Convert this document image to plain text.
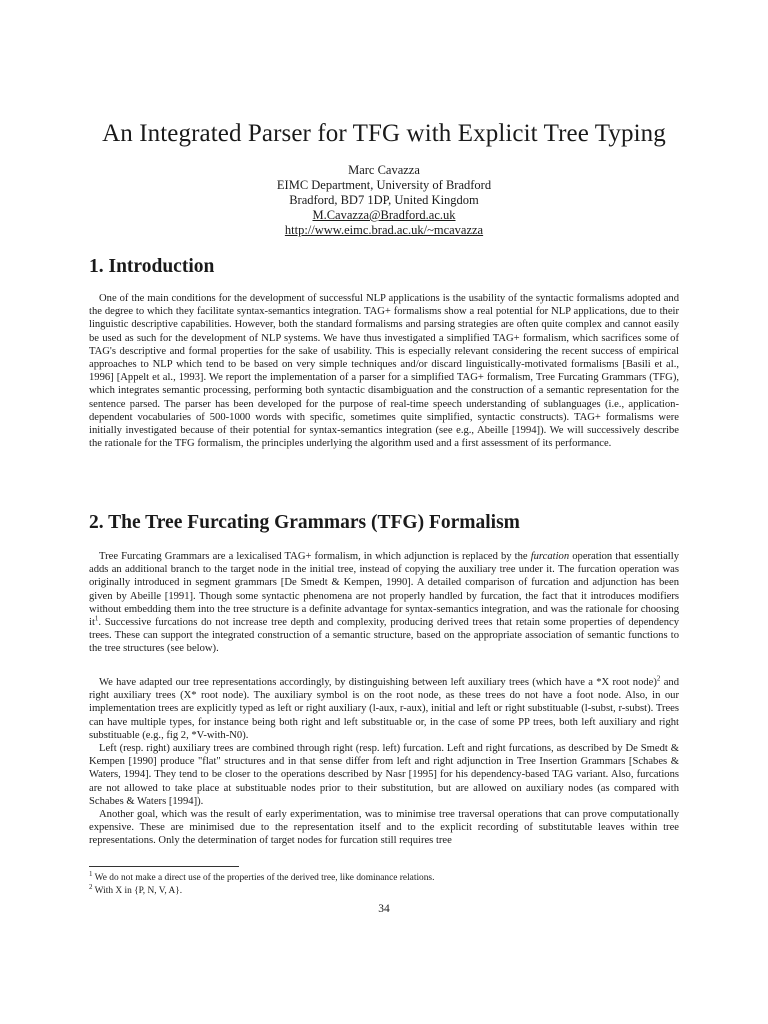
An Integrated Parser for TFG with Explicit Tree Typing
Marc Cavazza
EIMC Department, University of Bradford
Bradford, BD7 1DP, United Kingdom
M.Cavazza@Bradford.ac.uk
http://www.eimc.brad.ac.uk/~mcavazza
1. Introduction

One of the main conditions for the development of successful NLP applications is the usability of the syntactic formalisms adopted and the degree to which they facilitate syntax-semantics integration. TAG+ formalisms show a real potential for NLP applications, due to their linguistic descriptive capabilities. However, both the standard formalisms and parsing strategies are often quite complex and cannot easily be used as such for the development of NLP systems. We have thus investigated a simplified TAG+ formalism, which sacrifices some of TAG's descriptive and formal properties for the sake of usability. This is especially relevant considering the recent success of empirical approaches to NLP which tend to be based on very simple techniques and/or discard linguistically-motivated formalisms [Basili et al., 1996] [Appelt et al., 1993]. We report the implementation of a parser for a simplified TAG+ formalism, Tree Furcating Grammars (TFG), which integrates semantic processing, performing both syntactic disambiguation and the construction of a semantic representation for the sentence parsed. The parser has been developed for the purpose of real-time speech understanding of sublanguages (i.e., application-dependent vocabularies of 500-1000 words with specific, sometimes quite simplified, syntactic constructs). TAG+ formalisms were initially investigated because of their potential for syntax-semantics integration (see e.g., Abeille [1994]). We will successively describe the rationale for the TFG formalism, the principles underlying the algorithm used and a first assessment of its performance.

2. The Tree Furcating Grammars (TFG) Formalism

Tree Furcating Grammars are a lexicalised TAG+ formalism, in which adjunction is replaced by the furcation operation that essentially adds an additional branch to the target node in the initial tree, instead of copying the auxiliary tree under it. The furcation operation was originally introduced in segment grammars [De Smedt & Kempen, 1990]. A detailed comparison of furcation and adjunction has been given by Abeille [1991]. Though some syntactic phenomena are not properly handled by furcation, the fact that it introduces modifiers without embedding them into the tree structure is a definite advantage for syntax-semantics integration, and was the rationale for choosing $it^1$. Successive furcations do not increase tree depth and complexity, producing derived trees that retain some properties of dependency trees. These can support the integrated construction of a semantic structure, based on the appropriate association of semantic functions to the tree structures (see below).

We have adapted our tree representations accordingly, by distinguishing between left auxiliary trees (which have a *X root node)$^2$ and right auxiliary trees (X* root node). The auxiliary symbol is on the root node, as these trees do not have a foot node. Also, in our implementation trees are explicitly typed as left or right auxiliary (l-aux, r-aux), initial and left or right substituable (l-subst, r-subst). Trees can have multiple types, for instance being both right and left substituable or, in the case of some PP trees, both left auxiliary and right substituable (e.g., fig 2, *V-with-N0).

Left (resp. right) auxiliary trees are combined through right (resp. left) furcation. Left and right furcations, as described by De Smedt & Kempen [1990] produce "flat" structures and in that sense differ from left and right adjunction in Tree Insertion Grammars [Schabes & Waters, 1994]. They tend to be closer to the operations described by Nasr [1995] for his dependency-based TAG variant. Also, furcations are not allowed to take place at substituable nodes prior to their substitution, but are allowed on auxiliary nodes (as compared with Schabes & Waters [1994]).

Another goal, which was the result of early experimentation, was to minimise tree traversal operations that can prove computationally expensive. These are minimised due to the representation itself and to the explicit recording of substitutable leaves within tree representations. Only the determination of target nodes for furcation still requires tree

$^1$ We do not make a direct use of the properties of the derived tree, like dominance relations.
$^2$ With X in {P, N, V, A}.
34
